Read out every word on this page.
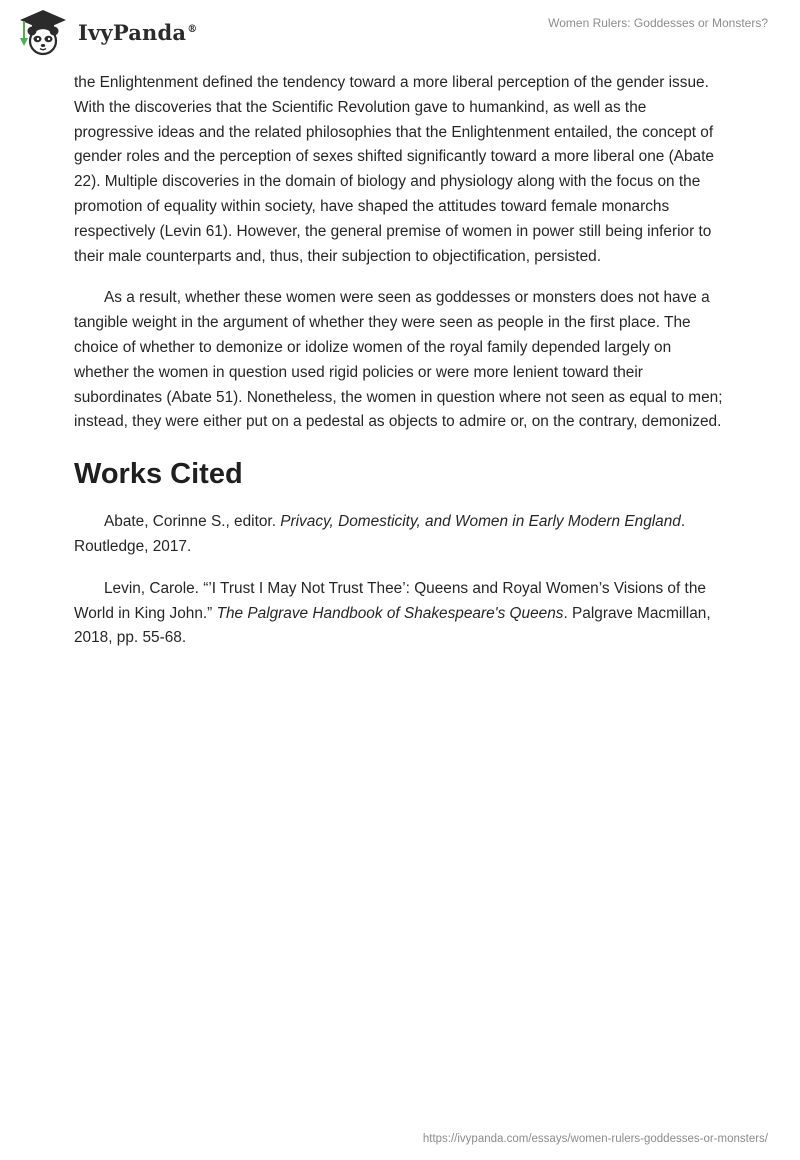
IvyPanda®	Women Rulers: Goddesses or Monsters?

the Enlightenment defined the tendency toward a more liberal perception of the gender issue. With the discoveries that the Scientific Revolution gave to humankind, as well as the progressive ideas and the related philosophies that the Enlightenment entailed, the concept of gender roles and the perception of sexes shifted significantly toward a more liberal one (Abate 22). Multiple discoveries in the domain of biology and physiology along with the focus on the promotion of equality within society, have shaped the attitudes toward female monarchs respectively (Levin 61). However, the general premise of women in power still being inferior to their male counterparts and, thus, their subjection to objectification, persisted.

As a result, whether these women were seen as goddesses or monsters does not have a tangible weight in the argument of whether they were seen as people in the first place. The choice of whether to demonize or idolize women of the royal family depended largely on whether the women in question used rigid policies or were more lenient toward their subordinates (Abate 51). Nonetheless, the women in question where not seen as equal to men; instead, they were either put on a pedestal as objects to admire or, on the contrary, demonized.

Works Cited

Abate, Corinne S., editor. Privacy, Domesticity, and Women in Early Modern England. Routledge, 2017.

Levin, Carole. “’I Trust I May Not Trust Thee’: Queens and Royal Women’s Visions of the World in King John.” The Palgrave Handbook of Shakespeare's Queens. Palgrave Macmillan, 2018, pp. 55-68.

https://ivypanda.com/essays/women-rulers-goddesses-or-monsters/
